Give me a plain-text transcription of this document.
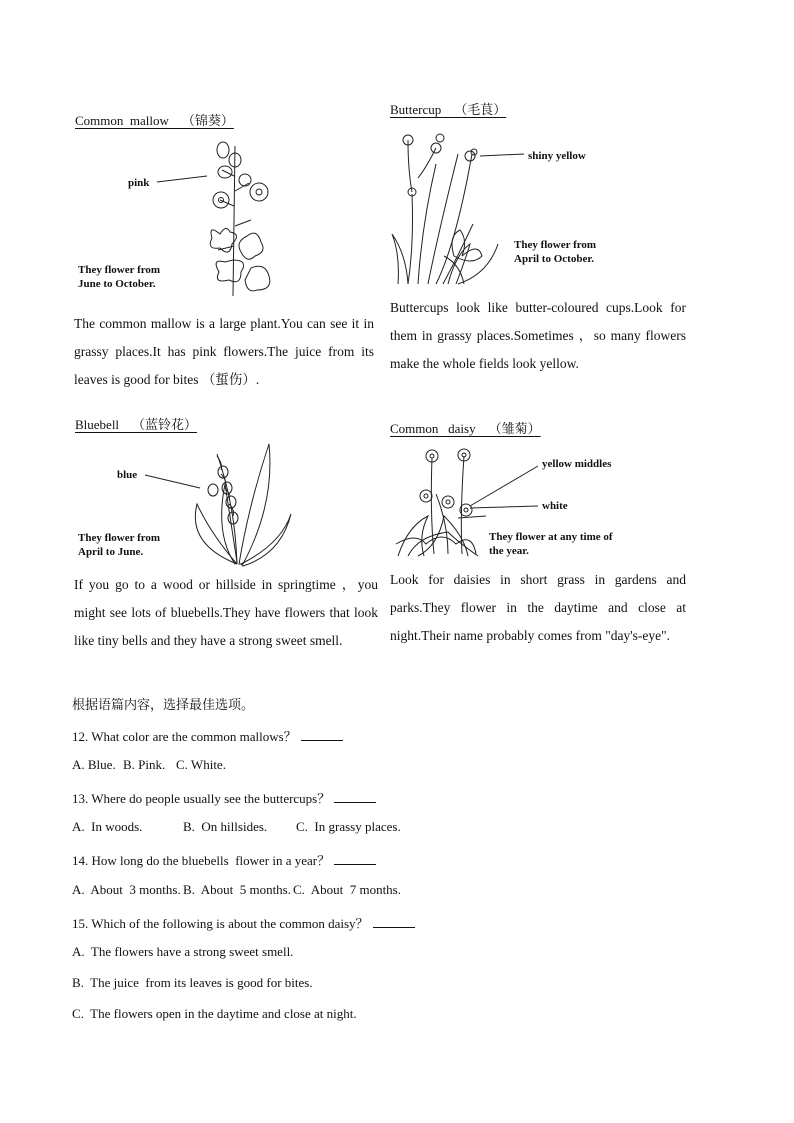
Common  mallow    （锦葵）
pink
They flower from
June to October.

The common mallow is a large plant.You can see it in grassy places.It has pink flowers.The juice from its leaves is good for bites （蜇伤）.

Buttercup    （毛茛）
shiny yellow
They flower from
April to October.

Buttercups look like butter-coloured cups.Look for them in grassy places.Sometimes ，so many flowers make the whole fields look yellow.

Bluebell    （蓝铃花）
blue
They flower from
April to June.

If you go to a wood or hillside in springtime ，you might see lots of bluebells.They have flowers that look like tiny bells and they have a strong sweet smell.

Common   daisy    （雏菊）
yellow middles
white
They flower at any time of
the year.

Look for daisies in short grass in gardens and parks.They flower in the daytime and close at night.Their name probably comes from "day's-eye".

根据语篇内容，选择最佳选项。
12. What color are the common mallows？
A. Blue. B. Pink. C. White.
13. Where do people usually see the buttercups？
A.  In woods.	B.  On hillsides. C.  In grassy places.
14. How long do the bluebells  flower in a year？
A.  About  3 months. B.  About  5 months. C.  About  7 months.
15. Which of the following is about the common daisy？
A.  The flowers have a strong sweet smell.
B.  The juice  from its leaves is good for bites.
C.  The flowers open in the daytime and close at night.
